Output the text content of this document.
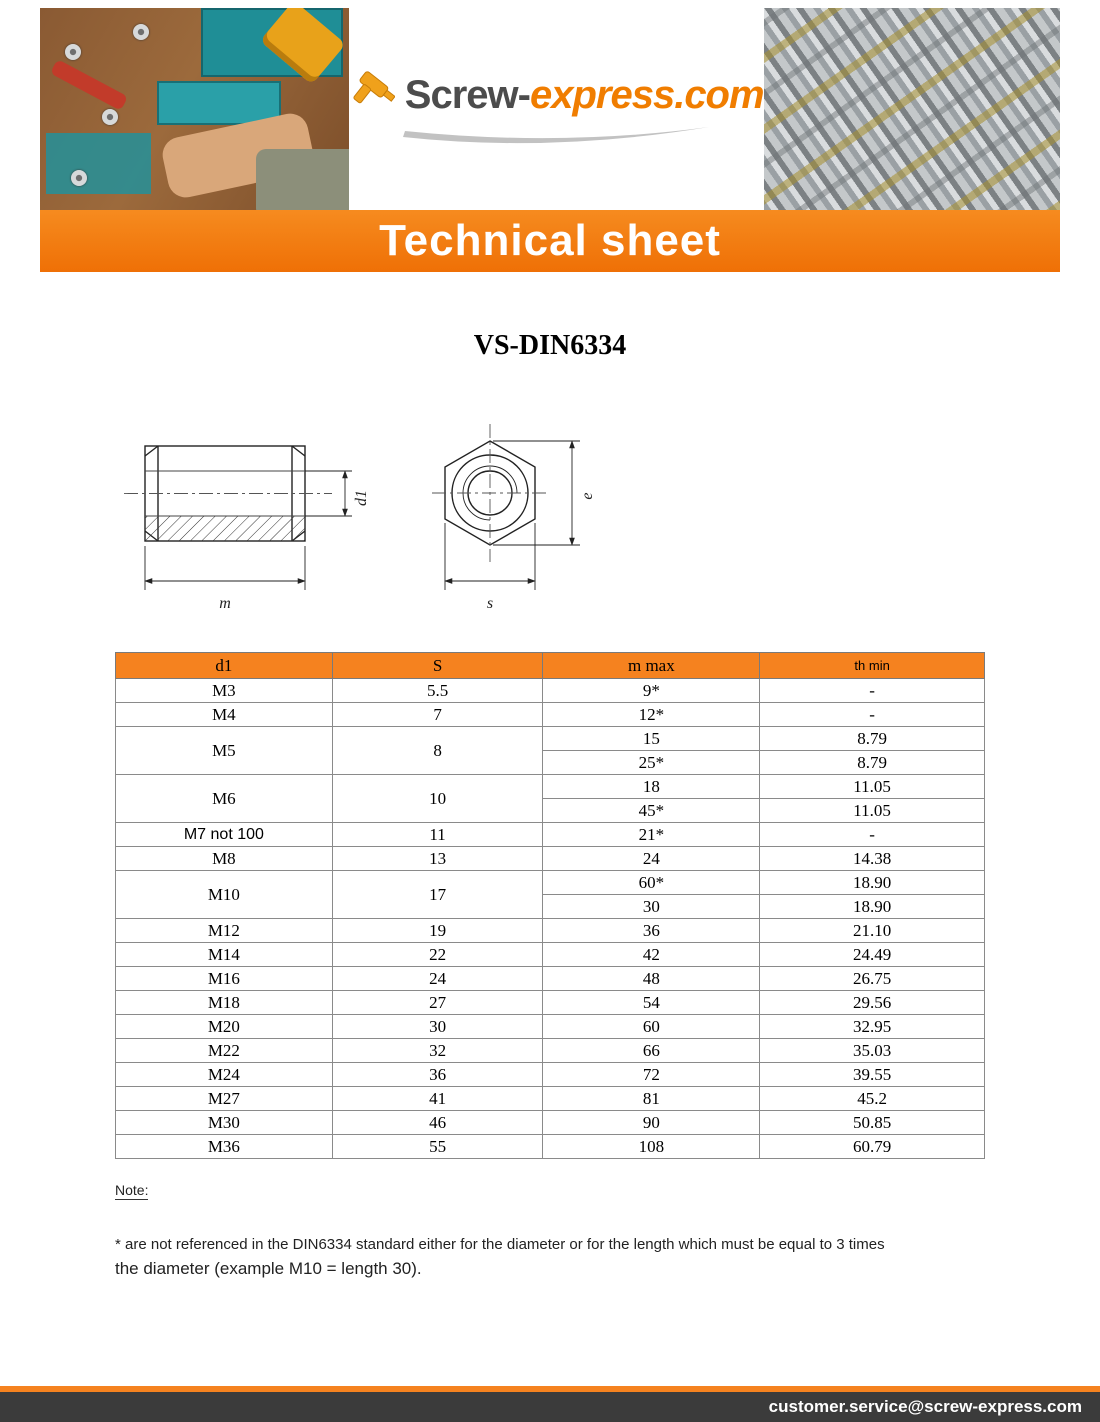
Screw-express.com
Technical sheet
VS-DIN6334
d1
m
e
s
d1	S	m max	th min
M3	5.5	9*	-
M4	7	12*	-
M5	8	15	8.79
		25*	8.79
M6	10	18	11.05
		45*	11.05
M7 not 100	11	21*	-
M8	13	24	14.38
M10	17	60*	18.90
		30	18.90
M12	19	36	21.10
M14	22	42	24.49
M16	24	48	26.75
M18	27	54	29.56
M20	30	60	32.95
M22	32	66	35.03
M24	36	72	39.55
M27	41	81	45.2
M30	46	90	50.85
M36	55	108	60.79
Note:

* are not referenced in the DIN6334 standard either for the diameter or for the length which must be equal to 3 times

the diameter (example M10 = length 30).

customer.service@screw-express.com
